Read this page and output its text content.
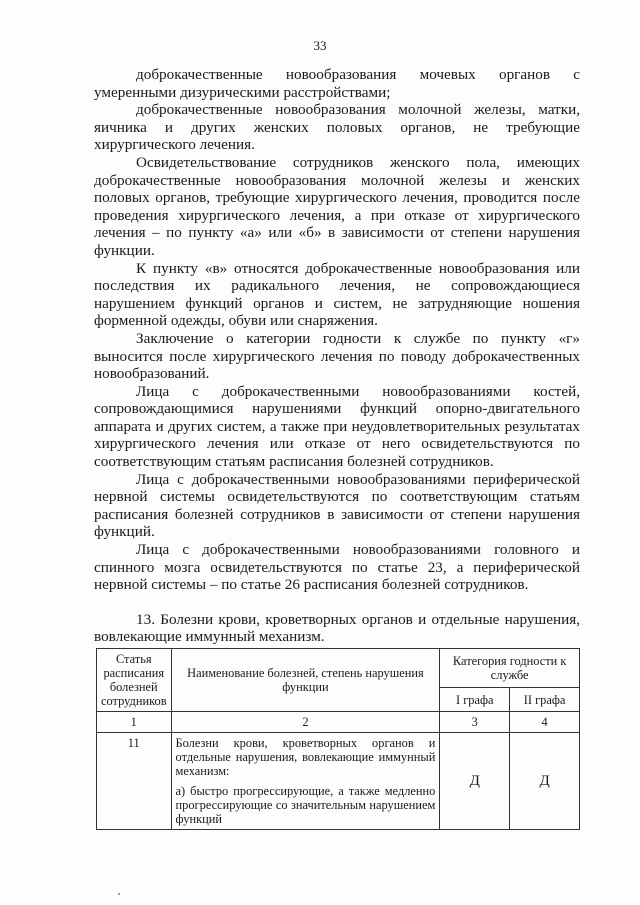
33

доброкачественные новообразования мочевых органов с умеренными дизурическими расстройствами;

доброкачественные новообразования молочной железы, матки, яичника и других женских половых органов, не требующие хирургического лечения.

Освидетельствование сотрудников женского пола, имеющих доброкачественные новообразования молочной железы и женских половых органов, требующие хирургического лечения, проводится после проведения хирургического лечения, а при отказе от хирургического лечения – по пункту «а» или «б» в зависимости от степени нарушения функции.

К пункту «в» относятся доброкачественные новообразования или последствия их радикального лечения, не сопровождающиеся нарушением функций органов и систем, не затрудняющие ношения форменной одежды, обуви или снаряжения.

Заключение о категории годности к службе по пункту «г» выносится после хирургического лечения по поводу доброкачественных новообразований.

Лица с доброкачественными новообразованиями костей, сопровождающимися нарушениями функций опорно-двигательного аппарата и других систем, а также при неудовлетворительных результатах хирургического лечения или отказе от него освидетельствуются по соответствующим статьям расписания болезней сотрудников.

Лица с доброкачественными новообразованиями периферической нервной системы освидетельствуются по соответствующим статьям расписания болезней сотрудников в зависимости от степени нарушения функций.

Лица с доброкачественными новообразованиями головного и спинного мозга освидетельствуются по статье 23, а периферической нервной системы – по статье 26 расписания болезней сотрудников.

13. Болезни крови, кроветворных органов и отдельные нарушения, вовлекающие иммунный механизм.

Статья расписания болезней сотрудников	Наименование болезней, степень нарушения функции	Категория годности к службе	
		I графа	II графа
1	2	3	4
11	Болезни крови, кроветворных органов и отдельные нарушения, вовлекающие иммунный механизм:
а) быстро прогрессирующие, а также медленно прогрессирующие со значительным нарушением функций	Д	Д
